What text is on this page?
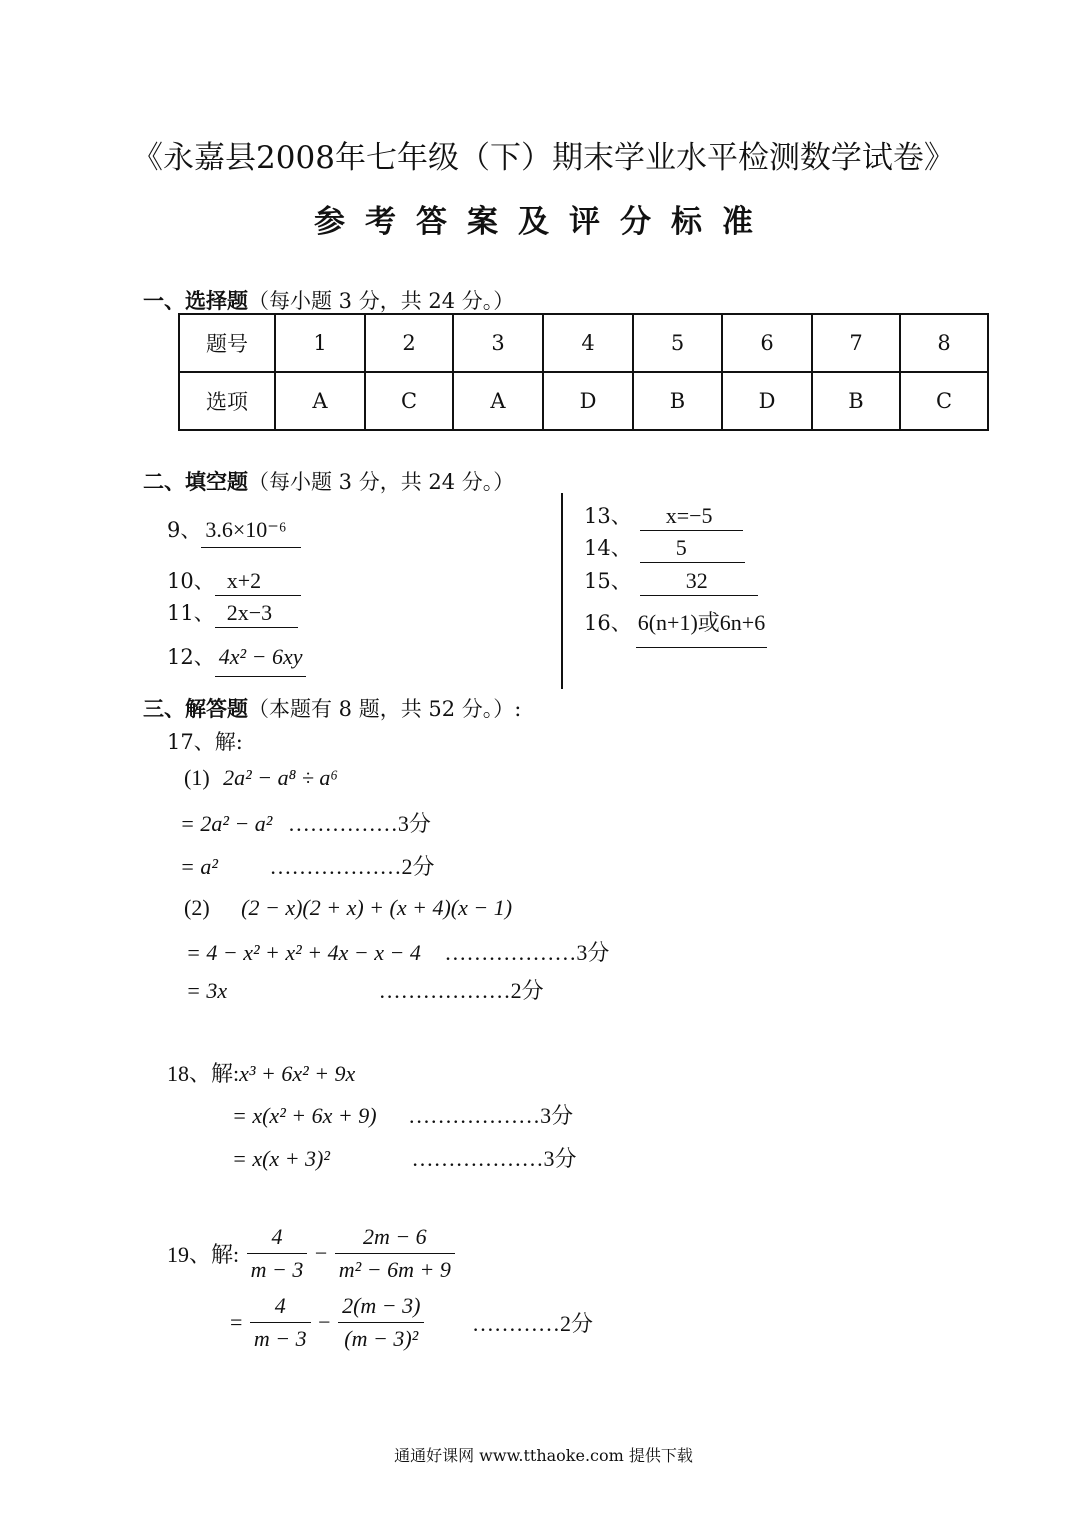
《永嘉县2008年七年级（下）期末学业水平检测数学试卷》
参考答案及评分标准
一、选择题（每小题 3 分，共 24 分。）
题号	1	2	3	4	5	6	7	8
选项	A	C	A	D	B	D	B	C
二、填空题（每小题 3 分，共 24 分。）
9、 3.6×10⁻⁶
10、 x+2
11、 2x−3
12、 4x² − 6xy
13、 x=−5
14、 5
15、 32
16、 6(n+1)或6n+6
三、解答题（本题有 8 题，共 52 分。）:
17、解:
(1) 2a² − a⁸ ÷ a⁶
= 2a² − a² ……………3分
= a² ………………2分
(2) (2 − x)(2 + x) + (x + 4)(x − 1)
= 4 − x² + x² + 4x − x − 4 ………………3分
= 3x	………………2分
18、解:x³ + 6x² + 9x
= x(x² + 6x + 9) ………………3分
= x(x + 3)²	………………3分
19、解: $\frac{4}{m - 3} - \frac{2m - 6}{\text{m² − 6m + 9}}$
= $\frac{4}{m - 3} - \frac{2(m - 3)}{\text{(m − 3)²}}$ …………2分
通通好课网 www.tthaoke.com 提供下载
